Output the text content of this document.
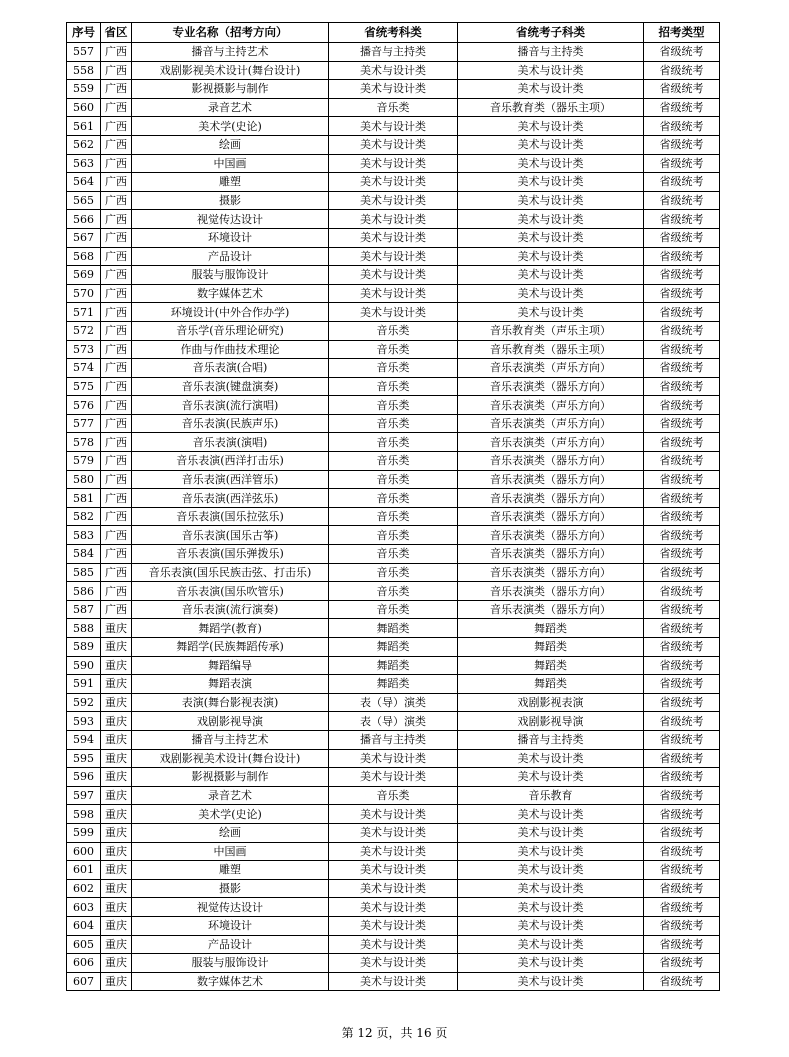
序号	省区	专业名称（招考方向）	省统考科类	省统考子科类	招考类型
557	广西	播音与主持艺术	播音与主持类	播音与主持类	省级统考
558	广西	戏剧影视美术设计(舞台设计)	美术与设计类	美术与设计类	省级统考
559	广西	影视摄影与制作	美术与设计类	美术与设计类	省级统考
560	广西	录音艺术	音乐类	音乐教育类（器乐主项）	省级统考
561	广西	美术学(史论)	美术与设计类	美术与设计类	省级统考
562	广西	绘画	美术与设计类	美术与设计类	省级统考
563	广西	中国画	美术与设计类	美术与设计类	省级统考
564	广西	雕塑	美术与设计类	美术与设计类	省级统考
565	广西	摄影	美术与设计类	美术与设计类	省级统考
566	广西	视觉传达设计	美术与设计类	美术与设计类	省级统考
567	广西	环境设计	美术与设计类	美术与设计类	省级统考
568	广西	产品设计	美术与设计类	美术与设计类	省级统考
569	广西	服装与服饰设计	美术与设计类	美术与设计类	省级统考
570	广西	数字媒体艺术	美术与设计类	美术与设计类	省级统考
571	广西	环境设计(中外合作办学)	美术与设计类	美术与设计类	省级统考
572	广西	音乐学(音乐理论研究)	音乐类	音乐教育类（声乐主项）	省级统考
573	广西	作曲与作曲技术理论	音乐类	音乐教育类（器乐主项）	省级统考
574	广西	音乐表演(合唱)	音乐类	音乐表演类（声乐方向）	省级统考
575	广西	音乐表演(键盘演奏)	音乐类	音乐表演类（器乐方向）	省级统考
576	广西	音乐表演(流行演唱)	音乐类	音乐表演类（声乐方向）	省级统考
577	广西	音乐表演(民族声乐)	音乐类	音乐表演类（声乐方向）	省级统考
578	广西	音乐表演(演唱)	音乐类	音乐表演类（声乐方向）	省级统考
579	广西	音乐表演(西洋打击乐)	音乐类	音乐表演类（器乐方向）	省级统考
580	广西	音乐表演(西洋管乐)	音乐类	音乐表演类（器乐方向）	省级统考
581	广西	音乐表演(西洋弦乐)	音乐类	音乐表演类（器乐方向）	省级统考
582	广西	音乐表演(国乐拉弦乐)	音乐类	音乐表演类（器乐方向）	省级统考
583	广西	音乐表演(国乐古筝)	音乐类	音乐表演类（器乐方向）	省级统考
584	广西	音乐表演(国乐弹拨乐)	音乐类	音乐表演类（器乐方向）	省级统考
585	广西	音乐表演(国乐民族击弦、打击乐)	音乐类	音乐表演类（器乐方向）	省级统考
586	广西	音乐表演(国乐吹管乐)	音乐类	音乐表演类（器乐方向）	省级统考
587	广西	音乐表演(流行演奏)	音乐类	音乐表演类（器乐方向）	省级统考
588	重庆	舞蹈学(教育)	舞蹈类	舞蹈类	省级统考
589	重庆	舞蹈学(民族舞蹈传承)	舞蹈类	舞蹈类	省级统考
590	重庆	舞蹈编导	舞蹈类	舞蹈类	省级统考
591	重庆	舞蹈表演	舞蹈类	舞蹈类	省级统考
592	重庆	表演(舞台影视表演)	表（导）演类	戏剧影视表演	省级统考
593	重庆	戏剧影视导演	表（导）演类	戏剧影视导演	省级统考
594	重庆	播音与主持艺术	播音与主持类	播音与主持类	省级统考
595	重庆	戏剧影视美术设计(舞台设计)	美术与设计类	美术与设计类	省级统考
596	重庆	影视摄影与制作	美术与设计类	美术与设计类	省级统考
597	重庆	录音艺术	音乐类	音乐教育	省级统考
598	重庆	美术学(史论)	美术与设计类	美术与设计类	省级统考
599	重庆	绘画	美术与设计类	美术与设计类	省级统考
600	重庆	中国画	美术与设计类	美术与设计类	省级统考
601	重庆	雕塑	美术与设计类	美术与设计类	省级统考
602	重庆	摄影	美术与设计类	美术与设计类	省级统考
603	重庆	视觉传达设计	美术与设计类	美术与设计类	省级统考
604	重庆	环境设计	美术与设计类	美术与设计类	省级统考
605	重庆	产品设计	美术与设计类	美术与设计类	省级统考
606	重庆	服装与服饰设计	美术与设计类	美术与设计类	省级统考
607	重庆	数字媒体艺术	美术与设计类	美术与设计类	省级统考
第 12 页，共 16 页
